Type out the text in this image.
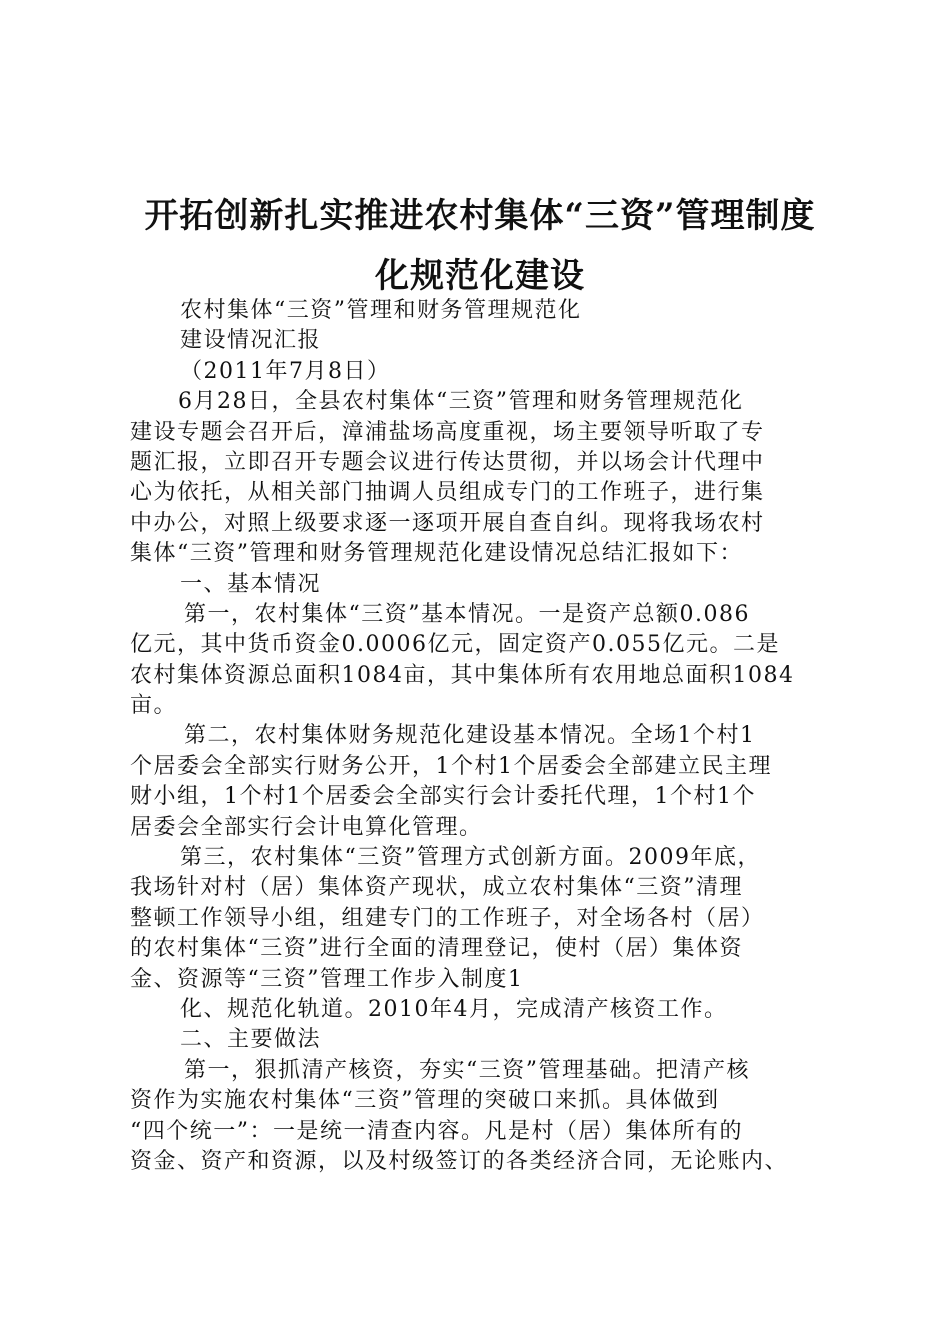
开拓创新扎实推进农村集体“三资”管理制度
化规范化建设
农村集体“三资”管理和财务管理规范化
建设情况汇报
（2011年7月8日）
6月28日，全县农村集体“三资”管理和财务管理规范化
建设专题会召开后，漳浦盐场高度重视，场主要领导听取了专
题汇报，立即召开专题会议进行传达贯彻，并以场会计代理中
心为依托，从相关部门抽调人员组成专门的工作班子，进行集
中办公，对照上级要求逐一逐项开展自查自纠。现将我场农村
集体“三资”管理和财务管理规范化建设情况总结汇报如下：
一、基本情况
第一，农村集体“三资”基本情况。一是资产总额0.086
亿元，其中货币资金0.0006亿元，固定资产0.055亿元。二是
农村集体资源总面积1084亩，其中集体所有农用地总面积1084
亩。
第二，农村集体财务规范化建设基本情况。全场1个村1
个居委会全部实行财务公开，1个村1个居委会全部建立民主理
财小组，1个村1个居委会全部实行会计委托代理，1个村1个
居委会全部实行会计电算化管理。
第三，农村集体“三资”管理方式创新方面。2009年底，
我场针对村（居）集体资产现状，成立农村集体“三资”清理
整顿工作领导小组，组建专门的工作班子，对全场各村（居）
的农村集体“三资”进行全面的清理登记，使村（居）集体资
金、资源等“三资”管理工作步入制度1
化、规范化轨道。2010年4月，完成清产核资工作。
二、主要做法
第一，狠抓清产核资，夯实“三资”管理基础。把清产核
资作为实施农村集体“三资”管理的突破口来抓。具体做到
“四个统一”：一是统一清查内容。凡是村（居）集体所有的
资金、资产和资源，以及村级签订的各类经济合同，无论账内、
